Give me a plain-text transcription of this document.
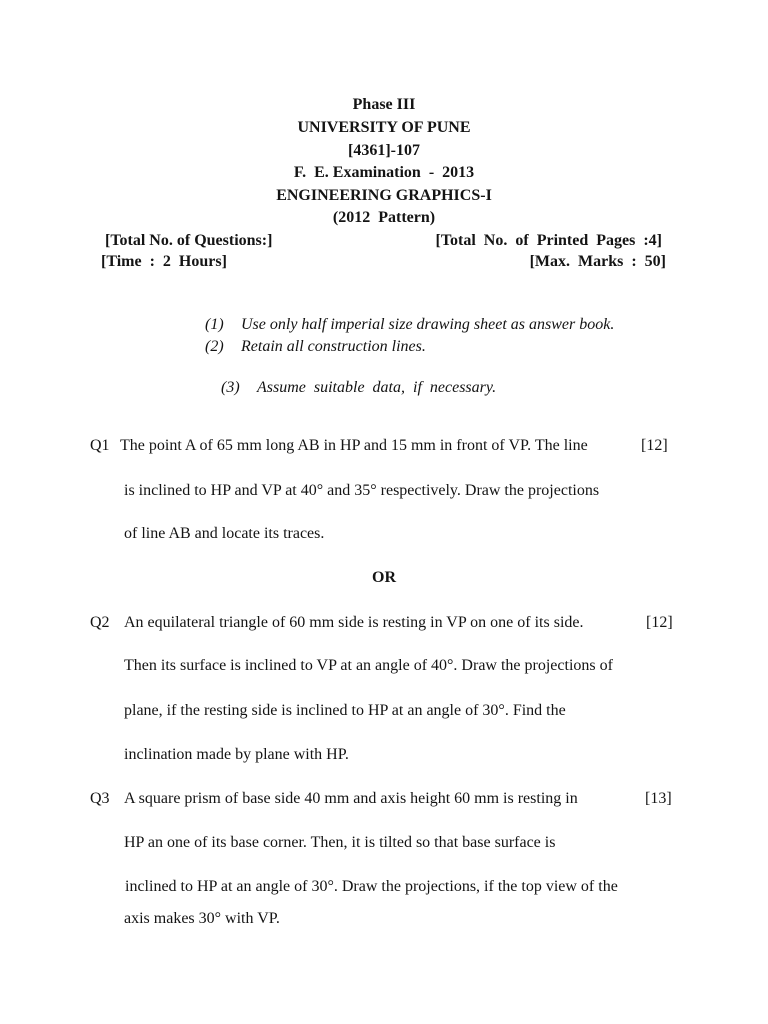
Phase III
UNIVERSITY OF PUNE
[4361]-107
F.  E. Examination  -  2013
ENGINEERING GRAPHICS-I
(2012  Pattern)
[Total No. of Questions:]	[Total  No.  of  Printed  Pages  :4]
[Time  :  2  Hours]	[Max.  Marks  :  50]
(1) Use only half imperial size drawing sheet as answer book.
(2) Retain all construction lines.

(3) Assume  suitable  data,  if  necessary.

Q1 The point A of 65 mm long AB in HP and 15 mm in front of VP. The line	[12]
is inclined to HP and VP at 40° and 35° respectively. Draw the projections
of line AB and locate its traces.
OR
Q2 An equilateral triangle of 60 mm side is resting in VP on one of its side.	[12]
Then its surface is inclined to VP at an angle of 40°. Draw the projections of
plane, if the resting side is inclined to HP at an angle of 30°. Find the
inclination made by plane with HP.
Q3 A square prism of base side 40 mm and axis height 60 mm is resting in	[13]
HP an one of its base corner. Then, it is tilted so that base surface is
inclined to HP at an angle of 30°. Draw the projections, if the top view of the
axis makes 30° with VP.
